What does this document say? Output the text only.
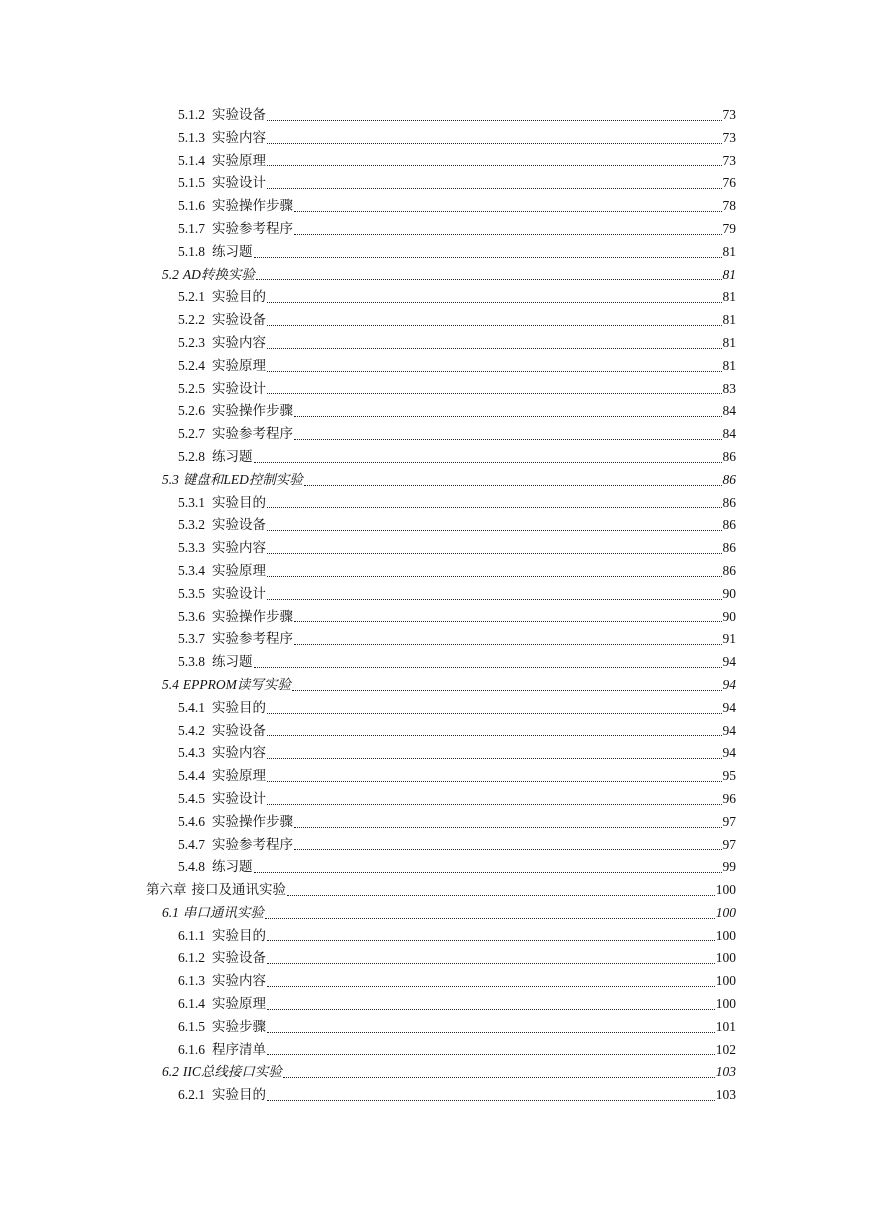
5.1.2 实验设备	73
5.1.3 实验内容	73
5.1.4 实验原理	73
5.1.5 实验设计	76
5.1.6 实验操作步骤	78
5.1.7 实验参考程序	79
5.1.8 练习题	81
5.2 AD转换实验	81
5.2.1 实验目的	81
5.2.2 实验设备	81
5.2.3 实验内容	81
5.2.4 实验原理	81
5.2.5 实验设计	83
5.2.6 实验操作步骤	84
5.2.7 实验参考程序	84
5.2.8 练习题	86
5.3 键盘和LED控制实验	86
5.3.1 实验目的	86
5.3.2 实验设备	86
5.3.3 实验内容	86
5.3.4 实验原理	86
5.3.5 实验设计	90
5.3.6 实验操作步骤	90
5.3.7 实验参考程序	91
5.3.8 练习题	94
5.4 EPPROM读写实验	94
5.4.1 实验目的	94
5.4.2 实验设备	94
5.4.3 实验内容	94
5.4.4 实验原理	95
5.4.5 实验设计	96
5.4.6 实验操作步骤	97
5.4.7 实验参考程序	97
5.4.8 练习题	99
第六章 接口及通讯实验	100
6.1 串口通讯实验	100
6.1.1 实验目的	100
6.1.2 实验设备	100
6.1.3 实验内容	100
6.1.4 实验原理	100
6.1.5 实验步骤	101
6.1.6 程序清单	102
6.2 IIC总线接口实验	103
6.2.1 实验目的	103
